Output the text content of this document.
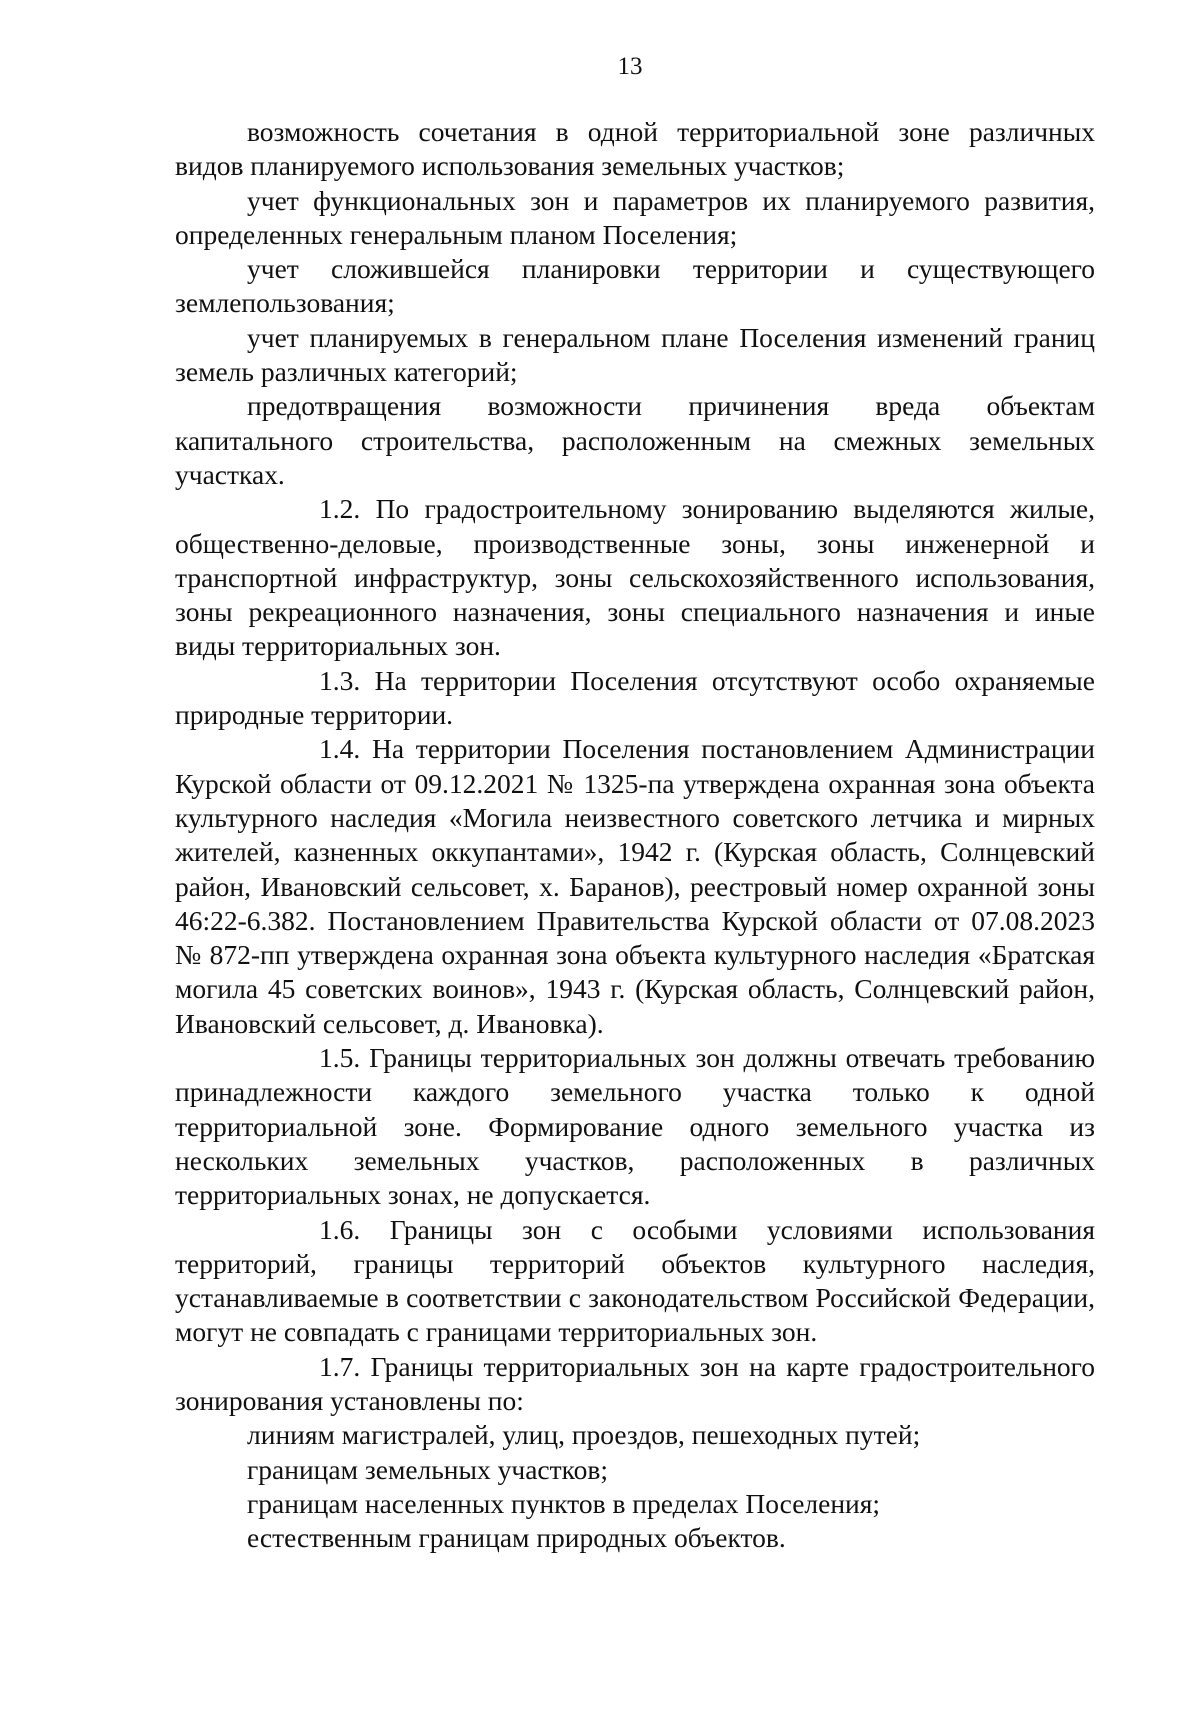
13

возможность сочетания в одной территориальной зоне различных видов планируемого использования земельных участков;

учет функциональных зон и параметров их планируемого развития, определенных генеральным планом Поселения;

учет сложившейся планировки территории и существующего землепользования;

учет планируемых в генеральном плане Поселения изменений границ земель различных категорий;

предотвращения возможности причинения вреда объектам капитального строительства, расположенным на смежных земельных участках.

1.2. По градостроительному зонированию выделяются жилые, общественно-деловые, производственные зоны, зоны инженерной и транспортной инфраструктур, зоны сельскохозяйственного использования, зоны рекреационного назначения, зоны специального назначения и иные виды территориальных зон.

1.3. На территории Поселения отсутствуют особо охраняемые природные территории.

1.4. На территории Поселения постановлением Администрации Курской области от 09.12.2021 № 1325-па утверждена охранная зона объекта культурного наследия «Могила неизвестного советского летчика и мирных жителей, казненных оккупантами», 1942 г. (Курская область, Солнцевский район, Ивановский сельсовет, х. Баранов), реестровый номер охранной зоны 46:22-6.382. Постановлением Правительства Курской области от 07.08.2023 № 872-пп утверждена охранная зона объекта культурного наследия «Братская могила 45 советских воинов», 1943 г. (Курская область, Солнцевский район, Ивановский сельсовет, д. Ивановка).

1.5. Границы территориальных зон должны отвечать требованию принадлежности каждого земельного участка только к одной территориальной зоне. Формирование одного земельного участка из нескольких земельных участков, расположенных в различных территориальных зонах, не допускается.

1.6. Границы зон с особыми условиями использования территорий, границы территорий объектов культурного наследия, устанавливаемые в соответствии с законодательством Российской Федерации, могут не совпадать с границами территориальных зон.

1.7. Границы территориальных зон на карте градостроительного зонирования установлены по:

линиям магистралей, улиц, проездов, пешеходных путей;

границам земельных участков;

границам населенных пунктов в пределах Поселения;

естественным границам природных объектов.
